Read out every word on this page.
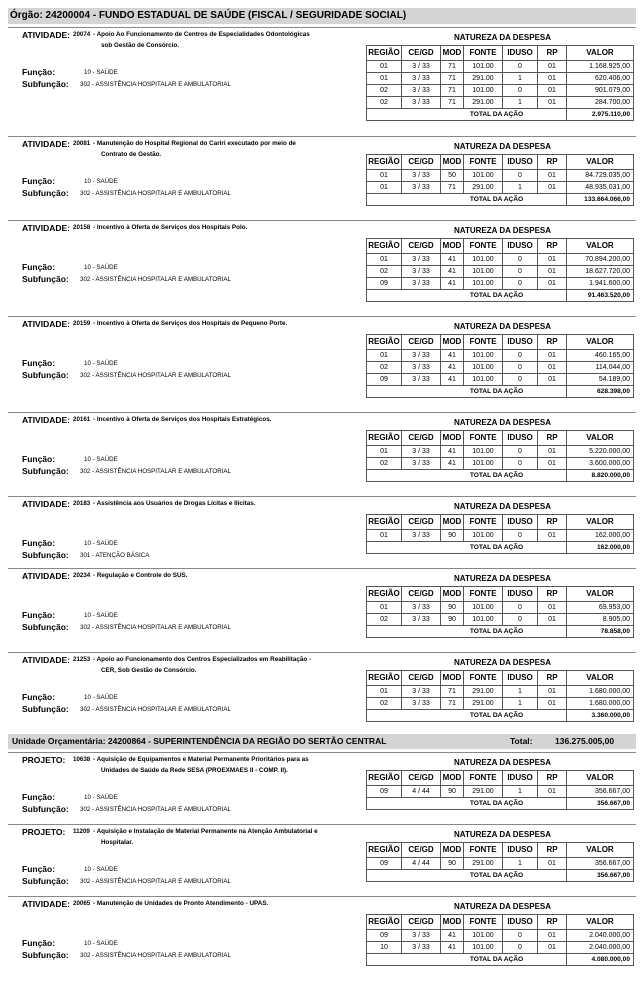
Órgão: 24200004 - FUNDO ESTADUAL DE SAÚDE (FISCAL / SEGURIDADE SOCIAL)
ATIVIDADE: 20074 - Apoio Ao Funcionamento de Centros de Especialidades Odontológicas
sob Gestão de Consórcio.
NATUREZA DA DESPESA
Função:	10 - SAÚDE
Subfunção: 302 - ASSISTÊNCIA HOSPITALAR E AMBULATORIAL
REGIÃO	CE/GD	MOD	FONTE	IDUSO	RP	VALOR
01	3 / 33	71	101.00	0	01	1.168.925,00
01	3 / 33	71	291.00	1	01	620.406,00
02	3 / 33	71	101.00	0	01	901.079,00
02	3 / 33	71	291.00	1	01	284.700,00
TOTAL DA AÇÃO						2.975.110,00
ATIVIDADE: 20081 - Manutenção do Hospital Regional do Cariri executado por meio de
Contrato de Gestão.
NATUREZA DA DESPESA
Função:	10 - SAÚDE
Subfunção: 302 - ASSISTÊNCIA HOSPITALAR E AMBULATORIAL
REGIÃO	CE/GD	MOD	FONTE	IDUSO	RP	VALOR
01	3 / 33	50	101.00	0	01	84.729.035,00
01	3 / 33	71	291.00	1	01	48.935.031,00
TOTAL DA AÇÃO						133.664.066,00
ATIVIDADE: 20158 - Incentivo à Oferta de Serviços dos Hospitais Polo.	NATUREZA DA DESPESA
Função:	10 - SAÚDE
Subfunção: 302 - ASSISTÊNCIA HOSPITALAR E AMBULATORIAL
REGIÃO	CE/GD	MOD	FONTE	IDUSO	RP	VALOR
01	3 / 33	41	101.00	0	01	70.894.200,00
02	3 / 33	41	101.00	0	01	18.627.720,00
09	3 / 33	41	101.00	0	01	1.941.600,00
TOTAL DA AÇÃO						91.463.520,00
ATIVIDADE: 20159 - Incentivo à Oferta de Serviços dos Hospitais de Pequeno Porte.	NATUREZA DA DESPESA
Função:	10 - SAÚDE
Subfunção: 302 - ASSISTÊNCIA HOSPITALAR E AMBULATORIAL
REGIÃO	CE/GD	MOD	FONTE	IDUSO	RP	VALOR
01	3 / 33	41	101.00	0	01	460.165,00
02	3 / 33	41	101.00	0	01	114.044,00
09	3 / 33	41	101.00	0	01	54.189,00
TOTAL DA AÇÃO						628.398,00
ATIVIDADE: 20161 - Incentivo à Oferta de Serviços dos Hospitais Estratégicos.	NATUREZA DA DESPESA
Função:	10 - SAÚDE
Subfunção: 302 - ASSISTÊNCIA HOSPITALAR E AMBULATORIAL
REGIÃO	CE/GD	MOD	FONTE	IDUSO	RP	VALOR
01	3 / 33	41	101.00	0	01	5.220.000,00
02	3 / 33	41	101.00	0	01	3.600.000,00
TOTAL DA AÇÃO						8.820.000,00
ATIVIDADE: 20183 - Assistência aos Usuários de Drogas Lícitas e Ilícitas.	NATUREZA DA DESPESA
Função:	10 - SAÚDE
Subfunção: 301 - ATENÇÃO BÁSICA
REGIÃO	CE/GD	MOD	FONTE	IDUSO	RP	VALOR
01	3 / 33	90	101.00	0	01	162.000,00
TOTAL DA AÇÃO						162.000,00
ATIVIDADE: 20234 - Regulação e Controle do SUS.	NATUREZA DA DESPESA
Função:	10 - SAÚDE
Subfunção: 302 - ASSISTÊNCIA HOSPITALAR E AMBULATORIAL
REGIÃO	CE/GD	MOD	FONTE	IDUSO	RP	VALOR
01	3 / 33	90	101.00	0	01	69.953,00
02	3 / 33	90	101.00	0	01	8.905,00
TOTAL DA AÇÃO						78.858,00
ATIVIDADE: 21253 - Apoio ao Funcionamento dos Centros Especializados em Reabilitação -
CER, Sob Gestão de Consórcio.
NATUREZA DA DESPESA
Função:	10 - SAÚDE
Subfunção: 302 - ASSISTÊNCIA HOSPITALAR E AMBULATORIAL
REGIÃO	CE/GD	MOD	FONTE	IDUSO	RP	VALOR
01	3 / 33	71	291.00	1	01	1.680.000,00
02	3 / 33	71	291.00	1	01	1.680.000,00
TOTAL DA AÇÃO						3.360.000,00
PROJETO: 10638 - Aquisição de Equipamentos e Material Permanente Prioritários para as
Unidades de Saúde da Rede SESA (PROEXMAES II - COMP. II).
NATUREZA DA DESPESA
Função:	10 - SAÚDE
Subfunção: 302 - ASSISTÊNCIA HOSPITALAR E AMBULATORIAL
REGIÃO	CE/GD	MOD	FONTE	IDUSO	RP	VALOR
09	4 / 44	90	291.00	1	01	356.667,00
TOTAL DA AÇÃO						356.667,00
PROJETO: 11209 - Aquisição e Instalação de Material Permanente na Atenção Ambulatorial e
Hospitalar.
NATUREZA DA DESPESA
Função:	10 - SAÚDE
Subfunção: 302 - ASSISTÊNCIA HOSPITALAR E AMBULATORIAL
REGIÃO	CE/GD	MOD	FONTE	IDUSO	RP	VALOR
09	4 / 44	90	291.00	1	01	356.667,00
TOTAL DA AÇÃO						356.667,00
ATIVIDADE: 20065 - Manutenção de Unidades de Pronto Atendimento - UPAS.	NATUREZA DA DESPESA
Função:	10 - SAÚDE
Subfunção: 302 - ASSISTÊNCIA HOSPITALAR E AMBULATORIAL
REGIÃO	CE/GD	MOD	FONTE	IDUSO	RP	VALOR
09	3 / 33	41	101.00	0	01	2.040.000,00
10	3 / 33	41	101.00	0	01	2.040.000,00
TOTAL DA AÇÃO						4.080.000,00
Unidade Orçamentária: 24200864 - SUPERINTENDÊNCIA DA REGIÃO DO SERTÃO CENTRAL	Total:	136.275.005,00
